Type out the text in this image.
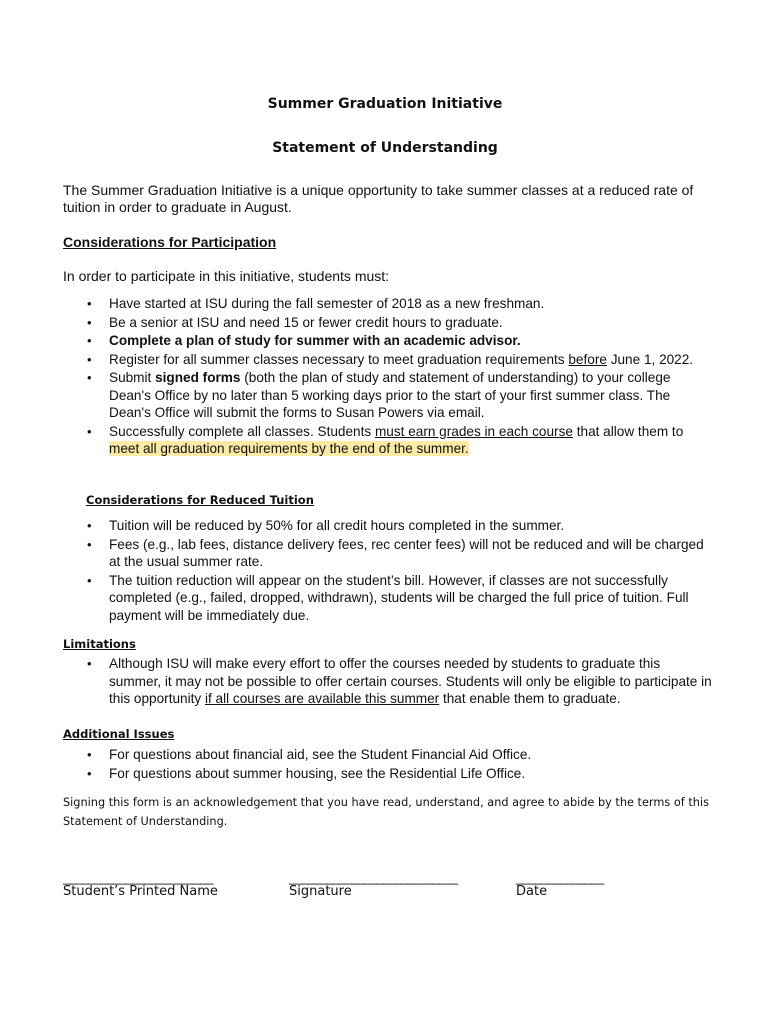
Summer Graduation Initiative
Statement of Understanding
The Summer Graduation Initiative is a unique opportunity to take summer classes at a reduced rate of tuition in order to graduate in August.
Considerations for Participation
In order to participate in this initiative, students must:
• Have started at ISU during the fall semester of 2018 as a new freshman.
• Be a senior at ISU and need 15 or fewer credit hours to graduate.
• Complete a plan of study for summer with an academic advisor.
• Register for all summer classes necessary to meet graduation requirements before June 1, 2022.
• Submit signed forms (both the plan of study and statement of understanding) to your college Dean's Office by no later than 5 working days prior to the start of your first summer class. The Dean's Office will submit the forms to Susan Powers via email.
• Successfully complete all classes. Students must earn grades in each course that allow them to meet all graduation requirements by the end of the summer.
Considerations for Reduced Tuition
• Tuition will be reduced by 50% for all credit hours completed in the summer.
• Fees (e.g., lab fees, distance delivery fees, rec center fees) will not be reduced and will be charged at the usual summer rate.
• The tuition reduction will appear on the student’s bill. However, if classes are not successfully completed (e.g., failed, dropped, withdrawn), students will be charged the full price of tuition. Full payment will be immediately due.
Limitations
• Although ISU will make every effort to offer the courses needed by students to graduate this summer, it may not be possible to offer certain courses. Students will only be eligible to participate in this opportunity if all courses are available this summer that enable them to graduate.
Additional Issues
• For questions about financial aid, see the Student Financial Aid Office.
• For questions about summer housing, see the Residential Life Office.
Signing this form is an acknowledgement that you have read, understand, and agree to abide by the terms of this Statement of Understanding.
________________________	___________________________	______________
Student’s Printed Name	Signature	Date
